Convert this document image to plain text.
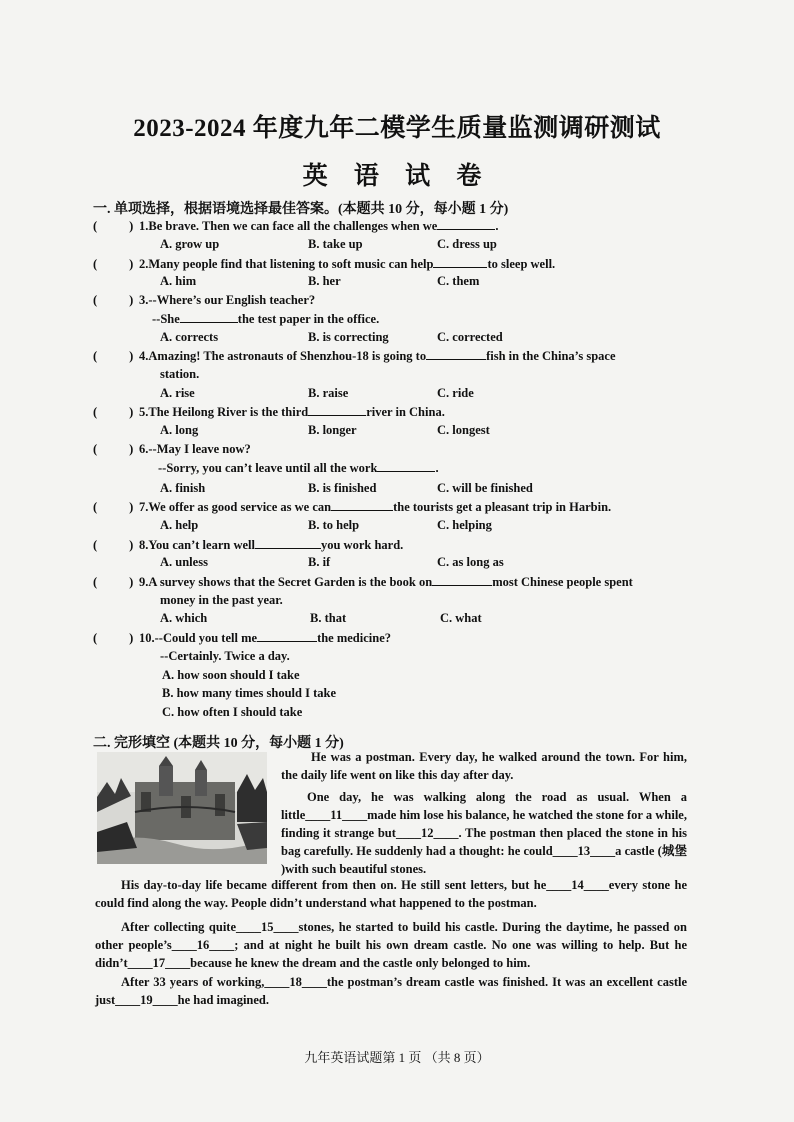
2023-2024 年度九年二模学生质量监测调研测试
英 语 试 卷
一. 单项选择，根据语境选择最佳答案。(本题共 10 分，每小题 1 分)
(	) 1.Be brave. Then we can face all the challenges when we	.
A. grow up	B. take up	C. dress up
(	) 2.Many people find that listening to soft music can help	to sleep well.
A. him	B. her	C. them
(	) 3.--Where’s our English teacher?
--She	the test paper in the office.
A. corrects	B. is correcting	C. corrected
(	) 4.Amazing! The astronauts of Shenzhou-18 is going to	fish in the China’s space
station.
A. rise	B. raise	C. ride
(	) 5.The Heilong River is the third	river in China.
A. long	B. longer	C. longest
(	) 6.--May I leave now?
--Sorry, you can’t leave until all the work	.
A. finish	B. is finished	C. will be finished
(	) 7.We offer as good service as we can	the tourists get a pleasant trip in Harbin.
A. help	B. to help	C. helping
(	) 8.You can’t learn well	you work hard.
A. unless	B. if	C. as long as
(	) 9.A survey shows that the Secret Garden is the book on	most Chinese people spent
money in the past year.
A. which	B. that	C. what
(	) 10.--Could you tell me	the medicine?
--Certainly. Twice a day.
A. how soon should I take
B. how many times should I take
C. how often I should take
二. 完形填空 (本题共 10 分，每小题 1 分)
He was a postman. Every day, he walked around the town. For him, the daily life went on like this day after day.
One day, he was walking along the road as usual. When a little____11____made him lose his balance, he watched the stone for a while, finding it strange but____12____. The postman then placed the stone in his bag carefully. He suddenly had a thought: he could____13____a castle (城堡 )with such beautiful stones.
His day-to-day life became different from then on. He still sent letters, but he____14____every stone he could find along the way. People didn’t understand what happened to the postman.
After collecting quite____15____stones, he started to build his castle. During the daytime, he passed on other people’s____16____; and at night he built his own dream castle. No one was willing to help. But he didn’t____17____because he knew the dream and the castle only belonged to him.
After 33 years of working,____18____the postman’s dream castle was finished. It was an excellent castle just____19____he had imagined.
九年英语试题第 1 页 （共 8 页）
